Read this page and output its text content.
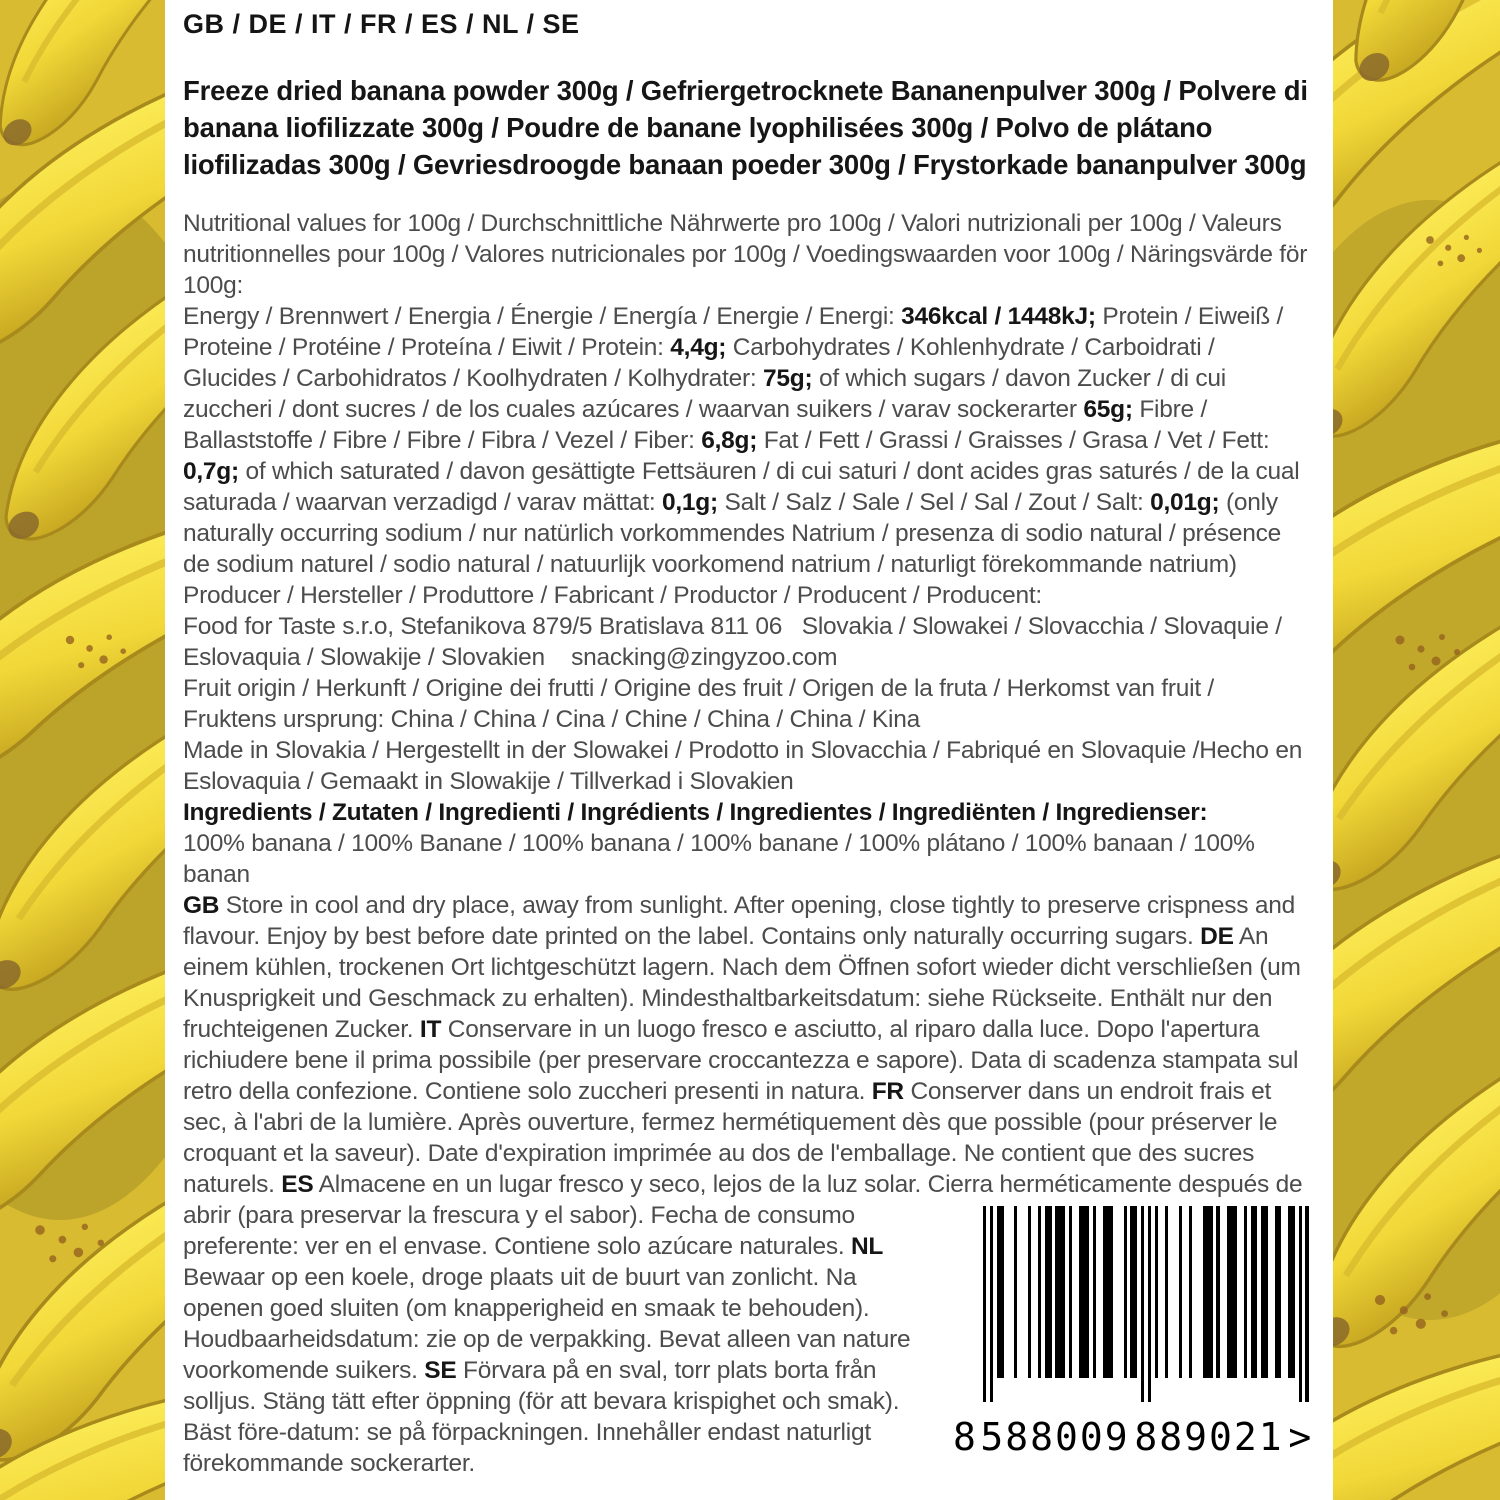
GB / DE / IT / FR / ES / NL / SE
Freeze dried banana powder 300g / Gefriergetrocknete Bananenpulver 300g / Polvere di banana liofilizzate 300g / Poudre de banane lyophilisées 300g / Polvo de plátano liofilizadas 300g / Gevriesdroogde banaan poeder 300g / Frystorkade bananpulver 300g
Nutritional values for 100g / Durchschnittliche Nährwerte pro 100g / Valori nutrizionali per 100g / Valeurs nutritionnelles pour 100g / Valores nutricionales por 100g / Voedingswaarden voor 100g / Näringsvärde för 100g:
Energy / Brennwert / Energia / Énergie / Energía / Energie / Energi: 346kcal / 1448kJ; Protein / Eiweiß / Proteine / Protéine / Proteína / Eiwit / Protein: 4,4g; Carbohydrates / Kohlenhydrate / Carboidrati / Glucides / Carbohidratos / Koolhydraten / Kolhydrater: 75g; of which sugars / davon Zucker / di cui zuccheri / dont sucres / de los cuales azúcares / waarvan suikers / varav sockerarter 65g; Fibre / Ballaststoffe / Fibre / Fibre / Fibra / Vezel / Fiber: 6,8g; Fat / Fett / Grassi / Graisses / Grasa / Vet / Fett: 0,7g; of which saturated / davon gesättigte Fettsäuren / di cui saturi / dont acides gras saturés / de la cual saturada / waarvan verzadigd / varav mättat: 0,1g; Salt / Salz / Sale / Sel / Sal / Zout / Salt: 0,01g; (only naturally occurring sodium / nur natürlich vorkommendes Natrium / presenza di sodio natural / présence de sodium naturel / sodio natural / natuurlijk voorkomend natrium / naturligt förekommande natrium)
Producer / Hersteller / Produttore / Fabricant / Productor / Producent / Producent:
Food for Taste s.r.o, Stefanikova 879/5 Bratislava 811 06   Slovakia / Slowakei / Slovacchia / Slovaquie / Eslovaquia / Slowakije / Slovakien    snacking@zingyzoo.com
Fruit origin / Herkunft / Origine dei frutti / Origine des fruit / Origen de la fruta / Herkomst van fruit / Fruktens ursprung: China / China / Cina / Chine / China / China / Kina
Made in Slovakia / Hergestellt in der Slowakei / Prodotto in Slovacchia / Fabriqué en Slovaquie /Hecho en Eslovaquia / Gemaakt in Slowakije / Tillverkad i Slovakien
Ingredients / Zutaten / Ingredienti / Ingrédients / Ingredientes / Ingrediënten / Ingredienser:
100% banana / 100% Banane / 100% banana / 100% banane / 100% plátano / 100% banaan / 100% banan
GB Store in cool and dry place, away from sunlight. After opening, close tightly to preserve crispness and flavour. Enjoy by best before date printed on the label. Contains only naturally occurring sugars. DE An einem kühlen, trockenen Ort lichtgeschützt lagern. Nach dem Öffnen sofort wieder dicht verschließen (um Knusprigkeit und Geschmack zu erhalten). Mindesthaltbarkeitsdatum: siehe Rückseite. Enthält nur den fruchteigenen Zucker. IT Conservare in un luogo fresco e asciutto, al riparo dalla luce. Dopo l'apertura richiudere bene il prima possibile (per preservare croccantezza e sapore). Data di scadenza stampata sul retro della confezione. Contiene solo zuccheri presenti in natura. FR Conserver dans un endroit frais et sec, à l'abri de la lumière. Après ouverture, fermez hermétiquement dès que possible (pour préserver le croquant et la saveur). Date d'expiration imprimée au dos de l'emballage. Ne contient que des sucres naturels. ES Almacene en un lugar fresco y seco, lejos de la luz solar. Cierra
8 588009 889021 >
herméticamente después de abrir (para preservar la frescura y el sabor). Fecha de consumo preferente: ver en el envase. Contiene solo azúcare naturales. NL Bewaar op een koele, droge plaats uit de buurt van zonlicht. Na openen goed sluiten (om knapperigheid en smaak te behouden). Houdbaarheidsdatum: zie op de verpakking. Bevat alleen van nature voorkomende suikers. SE Förvara på en sval, torr plats borta från solljus. Stäng tätt efter öppning (för att bevara krispighet och smak). Bäst före-datum: se på förpackningen. Innehåller endast naturligt förekommande sockerarter.
